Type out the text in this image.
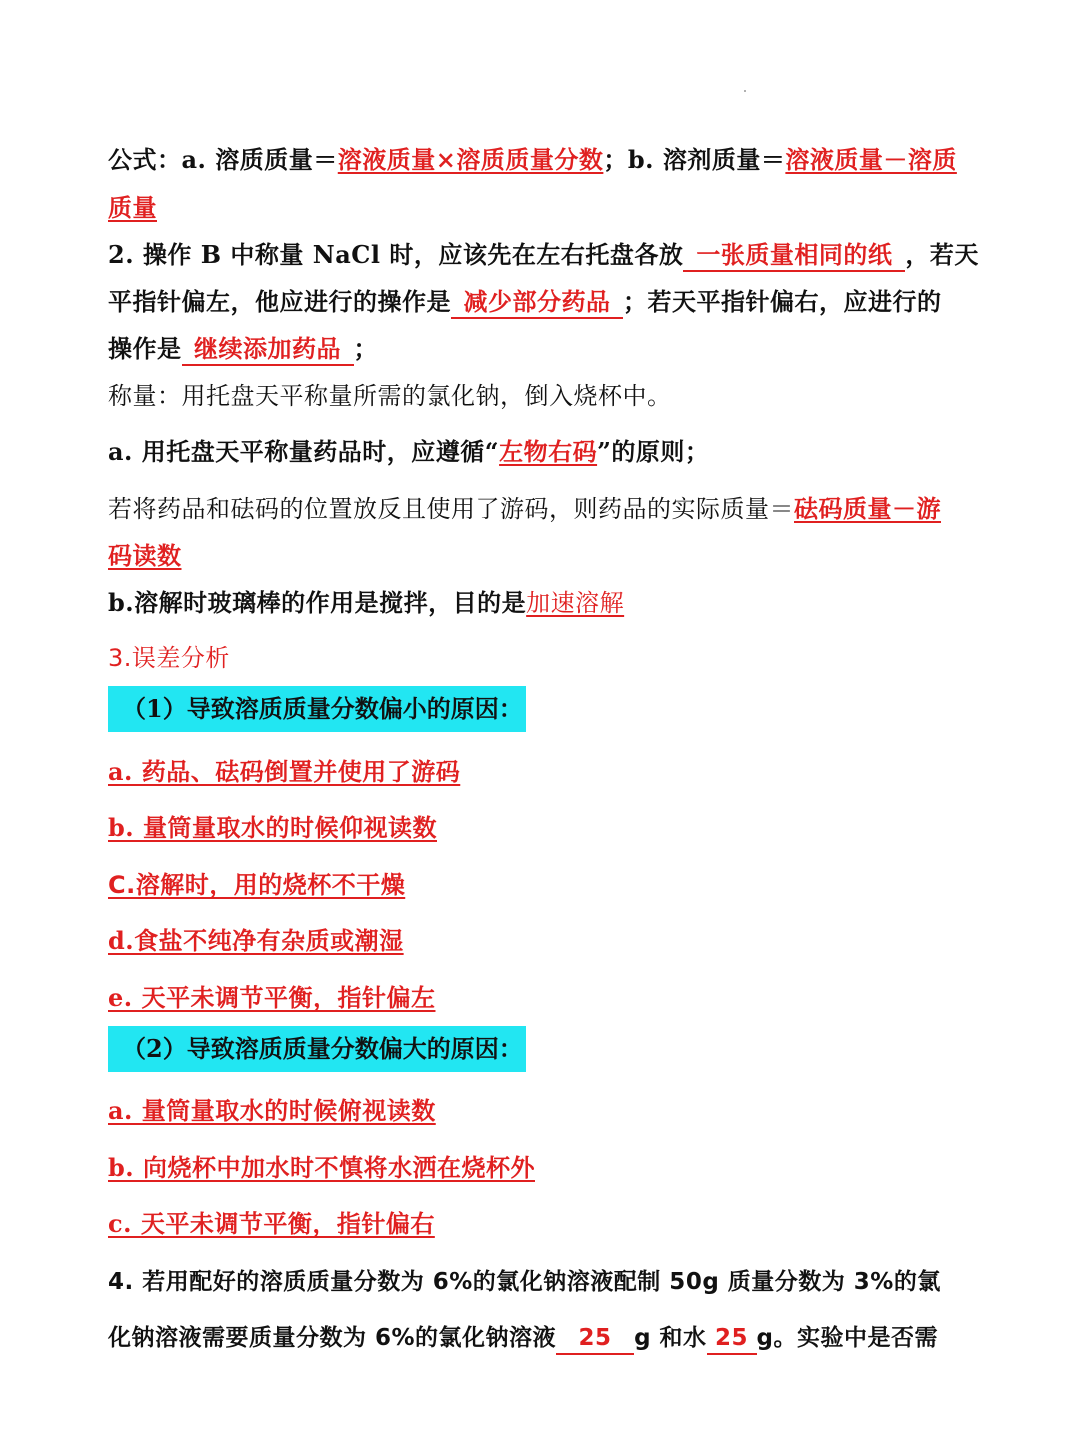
公式：a. 溶质质量＝溶液质量×溶质质量分数；b. 溶剂质量＝溶液质量－溶质
质量
2. 操作 B 中称量 NaCl 时，应该先在左右托盘各放 一张质量相同的纸 ，若天
平指针偏左，他应进行的操作是 减少部分药品 ；若天平指针偏右，应进行的
操作是 继续添加药品 ；
称量：用托盘天平称量所需的氯化钠，倒入烧杯中。
a. 用托盘天平称量药品时，应遵循“左物右码”的原则；
若将药品和砝码的位置放反且使用了游码，则药品的实际质量＝砝码质量－游
码读数
b.溶解时玻璃棒的作用是搅拌，目的是加速溶解
3.误差分析
（1）导致溶质质量分数偏小的原因：
a. 药品、砝码倒置并使用了游码
b. 量筒量取水的时候仰视读数
C.溶解时，用的烧杯不干燥
d.食盐不纯净有杂质或潮湿
e. 天平未调节平衡，指针偏左
（2）导致溶质质量分数偏大的原因：
a. 量筒量取水的时候俯视读数
b. 向烧杯中加水时不慎将水洒在烧杯外
c. 天平未调节平衡，指针偏右
4. 若用配好的溶质质量分数为 6%的氯化钠溶液配制 50g 质量分数为 3%的氯
化钠溶液需要质量分数为 6%的氯化钠溶液 25 g 和水 25 g。实验中是否需
